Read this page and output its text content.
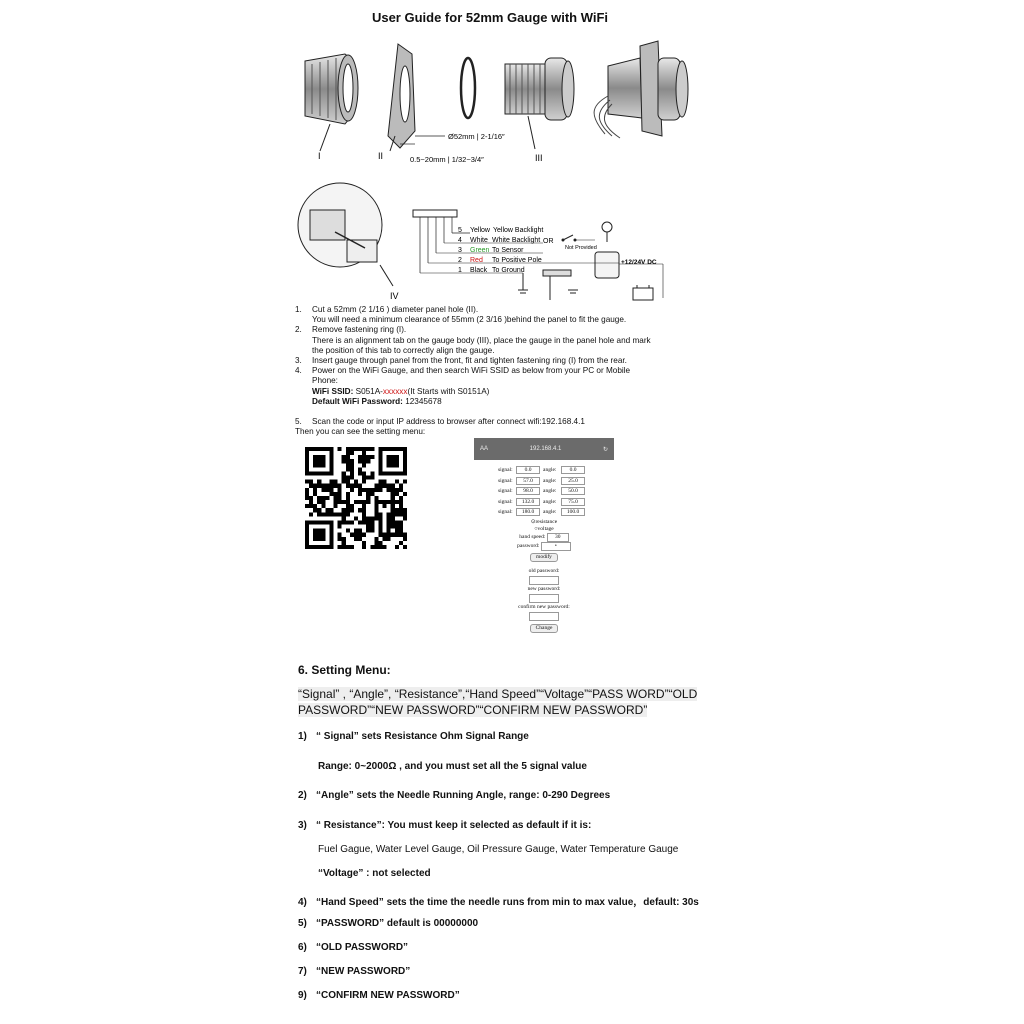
User Guide for 52mm Gauge with WiFi
I	II
Ø52mm | 2-1/16″
0.5~20mm | 1/32~3/4″	III
IV
5 Yellow Yellow Backlight
4 White White Backlight
3 Green To Sensor
2 Red To Positive Pole
1 Black To Ground
OR
Not Provided
+12/24V DC
1.	Cut a 52mm (2 1/16 ) diameter panel hole (II).
You will need a minimum clearance of 55mm (2 3/16 )behind the panel to fit the gauge.
2.	Remove fastening ring (I).
There is an alignment tab on the gauge body (III), place the gauge in the panel hole and mark
the position of this tab to correctly align the gauge.
3.	Insert gauge through panel from the front, fit and tighten fastening ring (I) from the rear.
4.	Power on the WiFi Gauge, and then search WiFi SSID as below from your PC or Mobile
Phone:
WiFi SSID: S051A-xxxxxx(It Starts with S0151A)
Default WiFi Password: 12345678
5.	Scan the code or input IP address to browser after connect wifi:192.168.4.1
Then you can see the setting menu:
AA	192.168.4.1	↻
signal:	0.0	angle:	0.0
signal:	57.0	angle:	25.0
signal:	98.0	angle:	50.0
signal:	132.0	angle:	75.0
signal:	180.0	angle:	100.0
⊙resistance
○voltage
hand speed: 30
password:	•
modify
old password:
new password:
confirm new password:
Change
6. Setting Menu:
“Signal” , “Angle”, “Resistance”,“Hand Speed”“Voltage”“PASS WORD”“OLD
PASSWORD”“NEW PASSWORD”“CONFIRM NEW PASSWORD”
1) “ Signal” sets Resistance Ohm Signal Range
Range: 0~2000Ω , and you must set all the 5 signal value
2) “Angle” sets the Needle Running Angle, range: 0-290 Degrees
3) “ Resistance”: You must keep it selected as default if it is:
Fuel Gague, Water Level Gauge, Oil Pressure Gauge, Water Temperature Gauge
“Voltage” : not selected
4) “Hand Speed” sets the time the needle runs from min to max value，default: 30s
5) “PASSWORD” default is 00000000
6) “OLD PASSWORD”
7) “NEW PASSWORD”
9) “CONFIRM NEW PASSWORD”
